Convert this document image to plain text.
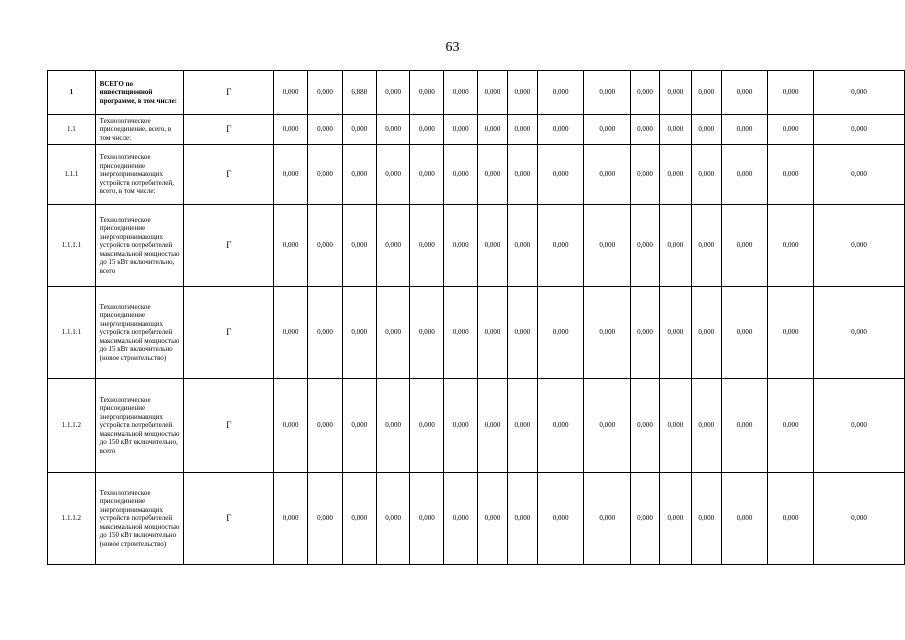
63
1	ВСЕГО по инвестиционной программе, в том числе:	Г	0,000	0,000	6,888	0,000	0,000	0,000	0,000	0,000	0,000	0,000	0,000	0,000	0,000	0,000	0,000	0,000
1.1	Технологическое присоединение, всего, в том числе:	Г	0,000	0,000	0,000	0,000	0,000	0,000	0,000	0,000	0,000	0,000	0,000	0,000	0,000	0,000	0,000	0,000
1.1.1	Технологическое присоединение энергопринимающих устройств потребителей, всего, в том числе:	Г	0,000	0,000	0,000	0,000	0,000	0,000	0,000	0,000	0,000	0,000	0,000	0,000	0,000	0,000	0,000	0,000
1.1.1.1	Технологическое присоединение энергопринимающих устройств потребителей максимальной мощностью до 15 кВт включительно, всего	Г	0,000	0,000	0,000	0,000	0,000	0,000	0,000	0,000	0,000	0,000	0,000	0,000	0,000	0,000	0,000	0,000
1.1.1.1	Технологическое присоединение энергопринимающих устройств потребителей максимальной мощностью до 15 кВт включительно (новое строительство)	Г	0,000	0,000	0,000	0,000	0,000	0,000	0,000	0,000	0,000	0,000	0,000	0,000	0,000	0,000	0,000	0,000
1.1.1.2	Технологическое присоединение энергопринимающих устройств потребителей максимальной мощностью до 150 кВт включительно, всего	Г	0,000	0,000	0,000	0,000	0,000	0,000	0,000	0,000	0,000	0,000	0,000	0,000	0,000	0,000	0,000	0,000
1.1.1.2	Технологическое присоединение энергопринимающих устройств потребителей максимальной мощностью до 150 кВт включительно (новое строительство)	Г	0,000	0,000	0,000	0,000	0,000	0,000	0,000	0,000	0,000	0,000	0,000	0,000	0,000	0,000	0,000	0,000
